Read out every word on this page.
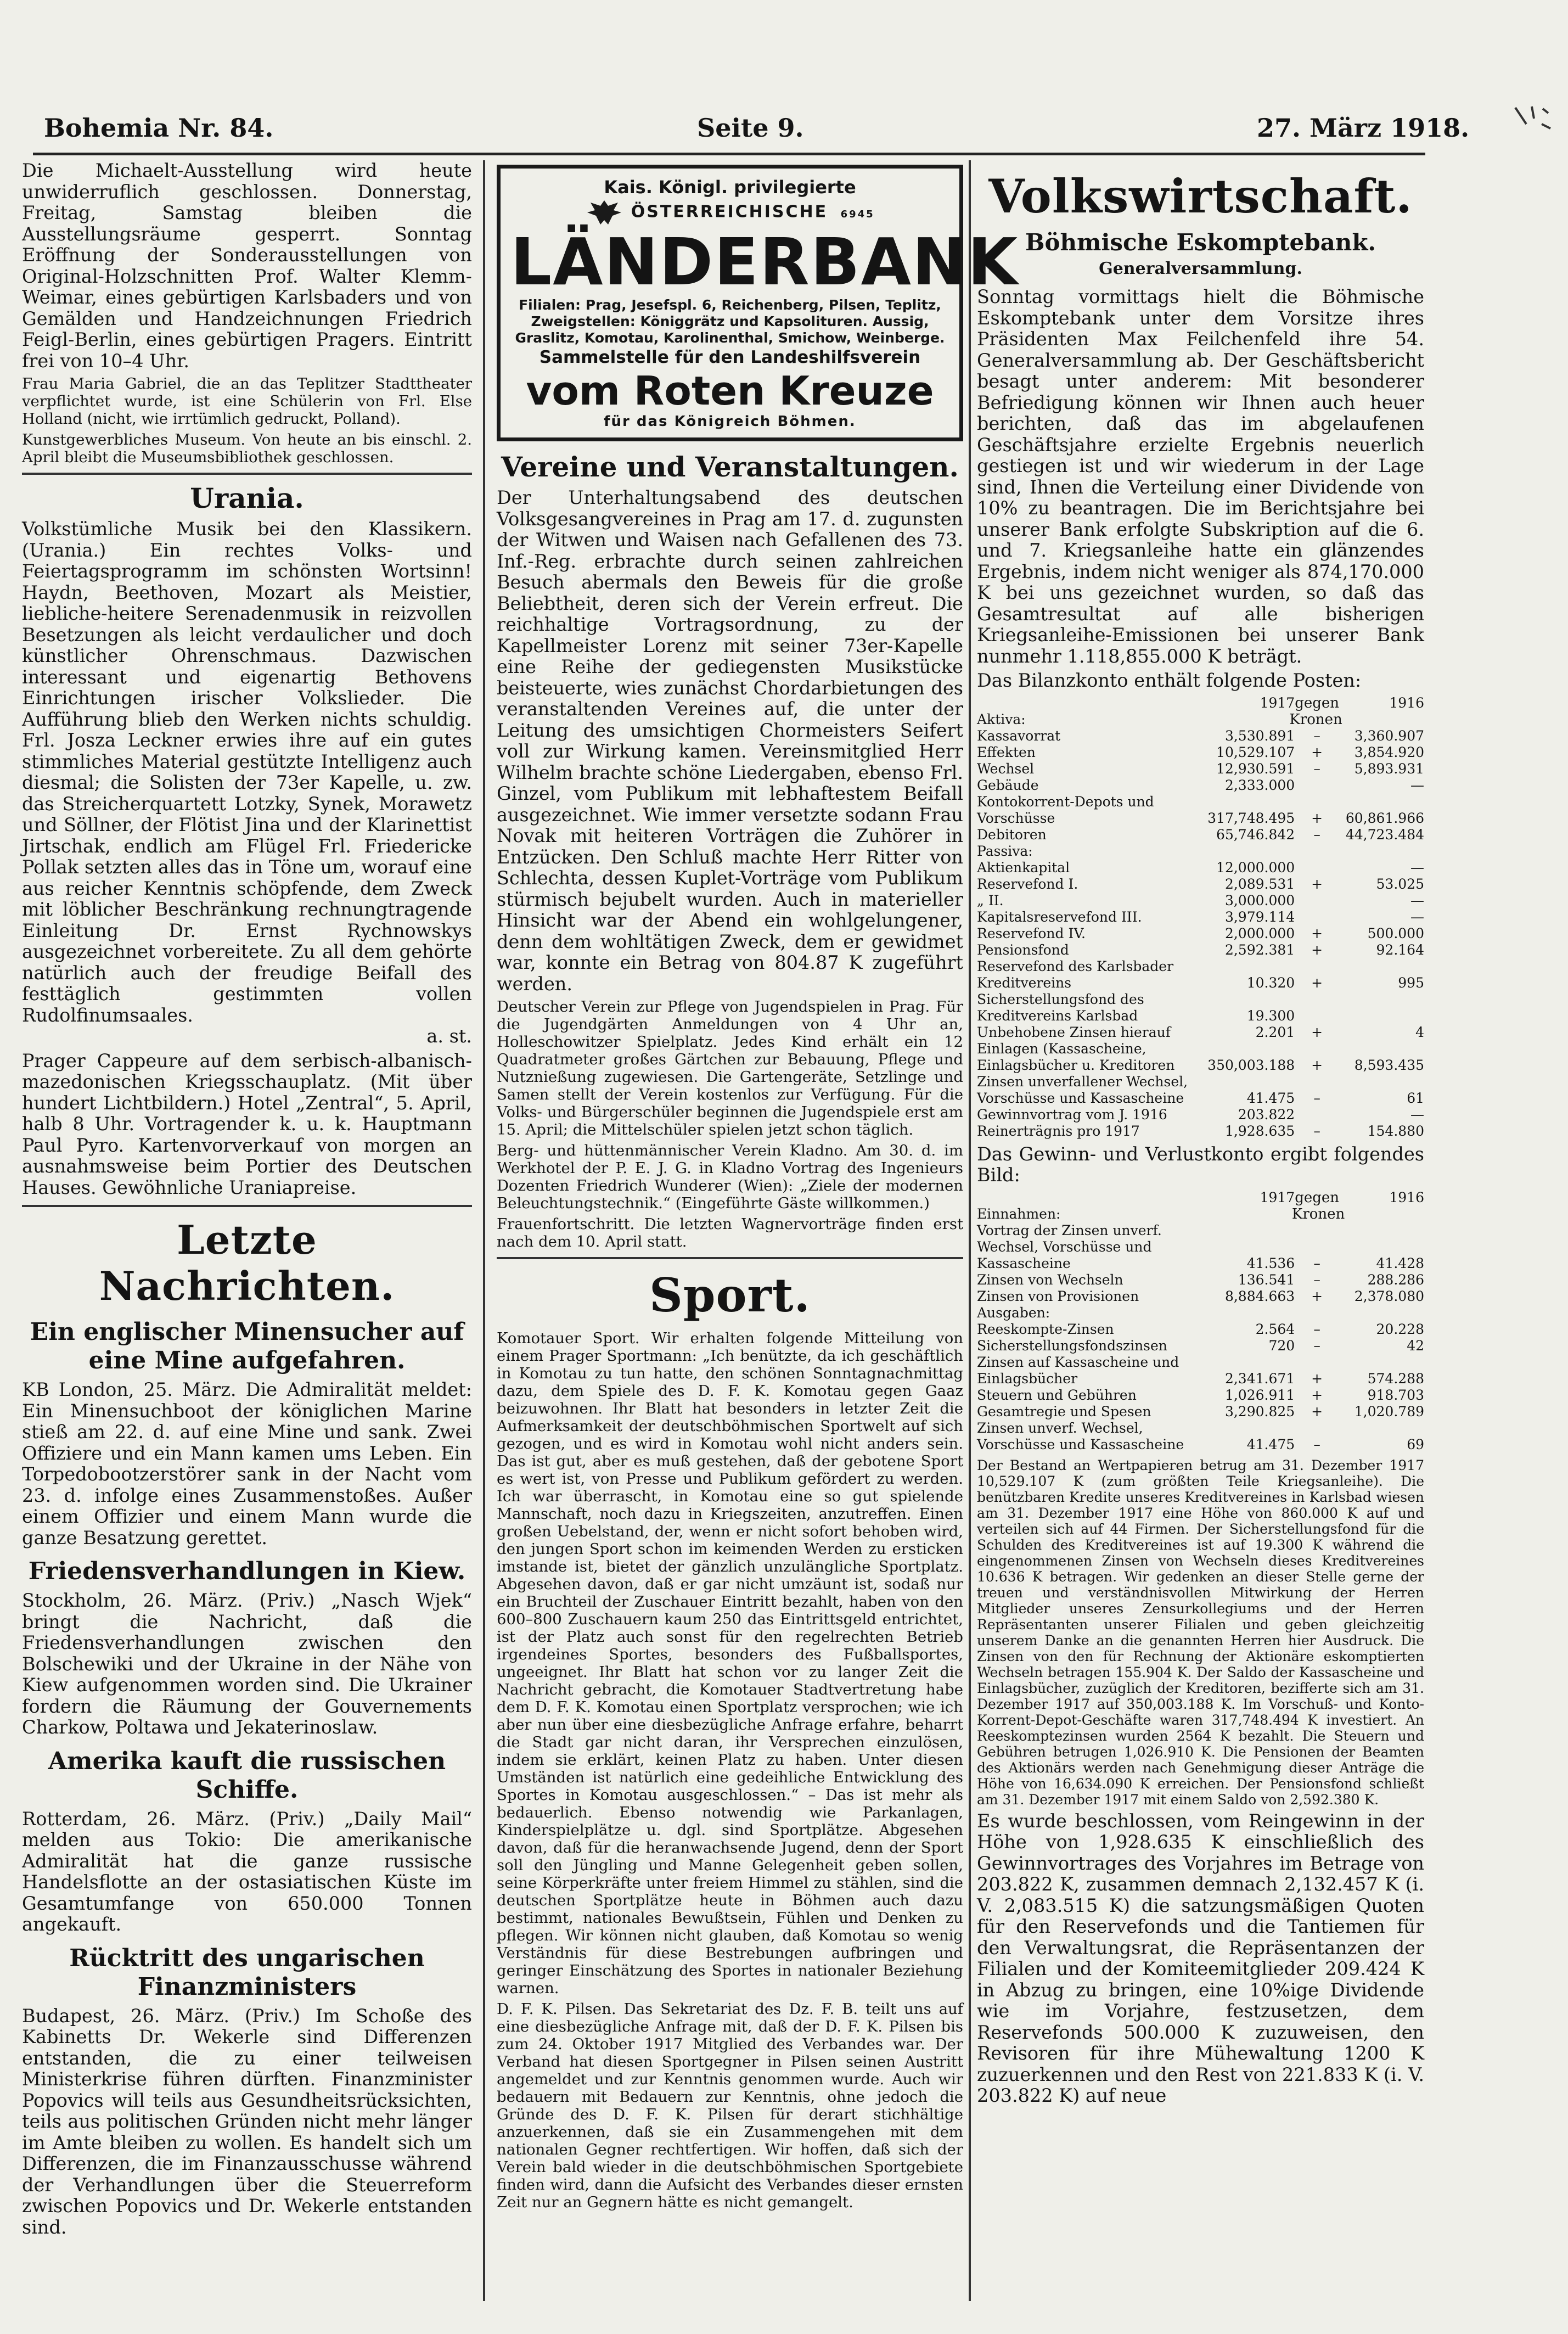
Bohemia Nr. 84.	Seite 9.	27. März 1918.

Die Michaelt-Ausstellung wird heute unwiderruflich geschlossen. Donnerstag, Freitag, Samstag bleiben die Ausstellungsräume gesperrt. Sonntag Eröffnung der Sonderausstellungen von Original-Holzschnitten Prof. Walter Klemm-Weimar, eines gebürtigen Karlsbaders und von Gemälden und Handzeichnungen Friedrich Feigl-Berlin, eines gebürtigen Pragers. Eintritt frei von 10–4 Uhr.

Frau Maria Gabriel, die an das Teplitzer Stadttheater verpflichtet wurde, ist eine Schülerin von Frl. Else Holland (nicht, wie irrtümlich gedruckt, Polland).

Kunstgewerbliches Museum. Von heute an bis einschl. 2. April bleibt die Museumsbibliothek geschlossen.

Urania.

Volkstümliche Musik bei den Klassikern. (Urania.) Ein rechtes Volks- und Feiertagsprogramm im schönsten Wortsinn! Haydn, Beethoven, Mozart als Meistier, liebliche-heitere Serenadenmusik in reizvollen Besetzungen als leicht verdaulicher und doch künstlicher Ohrenschmaus. Dazwischen interessant und eigenartig Bethovens Einrichtungen irischer Volkslieder. Die Aufführung blieb den Werken nichts schuldig. Frl. Josza Leckner erwies ihre auf ein gutes stimmliches Material gestützte Intelligenz auch diesmal; die Solisten der 73er Kapelle, u. zw. das Streicherquartett Lotzky, Synek, Morawetz und Söllner, der Flötist Jina und der Klarinettist Jirtschak, endlich am Flügel Frl. Friedericke Pollak setzten alles das in Töne um, worauf eine aus reicher Kenntnis schöpfende, dem Zweck mit löblicher Beschränkung rechnungtragende Einleitung Dr. Ernst Rychnowskys ausgezeichnet vorbereitete. Zu all dem gehörte natürlich auch der freudige Beifall des festtäglich gestimmten vollen Rudolfinumsaales.

a. st.

Prager Cappeure auf dem serbisch-albanisch-mazedonischen Kriegsschauplatz. (Mit über hundert Lichtbildern.) Hotel „Zentral“, 5. April, halb 8 Uhr. Vortragender k. u. k. Hauptmann Paul Pyro. Kartenvorverkauf von morgen an ausnahmsweise beim Portier des Deutschen Hauses. Gewöhnliche Uraniapreise.

Letzte Nachrichten.
Ein englischer Minensucher auf eine Mine aufgefahren.

KB London, 25. März. Die Admiralität meldet: Ein Minensuchboot der königlichen Marine stieß am 22. d. auf eine Mine und sank. Zwei Offiziere und ein Mann kamen ums Leben. Ein Torpedobootzerstörer sank in der Nacht vom 23. d. infolge eines Zusammenstoßes. Außer einem Offizier und einem Mann wurde die ganze Besatzung gerettet.

Friedensverhandlungen in Kiew.

Stockholm, 26. März. (Priv.) „Nasch Wjek“ bringt die Nachricht, daß die Friedensverhandlungen zwischen den Bolschewiki und der Ukraine in der Nähe von Kiew aufgenommen worden sind. Die Ukrainer fordern die Räumung der Gouvernements Charkow, Poltawa und Jekaterinoslaw.

Amerika kauft die russischen Schiffe.

Rotterdam, 26. März. (Priv.) „Daily Mail“ melden aus Tokio: Die amerikanische Admiralität hat die ganze russische Handelsflotte an der ostasiatischen Küste im Gesamtumfange von 650.000 Tonnen angekauft.

Rücktritt des ungarischen Finanzministers

Budapest, 26. März. (Priv.) Im Schoße des Kabinetts Dr. Wekerle sind Differenzen entstanden, die zu einer teilweisen Ministerkrise führen dürften. Finanzminister Popovics will teils aus Gesundheitsrücksichten, teils aus politischen Gründen nicht mehr länger im Amte bleiben zu wollen. Es handelt sich um Differenzen, die im Finanzausschusse während der Verhandlungen über die Steuerreform zwischen Popovics und Dr. Wekerle entstanden sind.

Kais. Königl. privilegierte
ÖSTERREICHISCHE 6945
LÄNDERBANK
Filialen: Prag, Jesefspl. 6, Reichenberg, Pilsen, Teplitz, Zweigstellen: Königgrätz und Kapsolituren. Aussig, Graslitz, Komotau, Karolinenthal, Smichow, Weinberge.
Sammelstelle für den Landeshilfsverein
vom Roten Kreuze
für das Königreich Böhmen.
Vereine und Veranstaltungen.

Der Unterhaltungsabend des deutschen Volksgesangvereines in Prag am 17. d. zugunsten der Witwen und Waisen nach Gefallenen des 73. Inf.-Reg. erbrachte durch seinen zahlreichen Besuch abermals den Beweis für die große Beliebtheit, deren sich der Verein erfreut. Die reichhaltige Vortragsordnung, zu der Kapellmeister Lorenz mit seiner 73er-Kapelle eine Reihe der gediegensten Musikstücke beisteuerte, wies zunächst Chordarbietungen des veranstaltenden Vereines auf, die unter der Leitung des umsichtigen Chormeisters Seifert voll zur Wirkung kamen. Vereinsmitglied Herr Wilhelm brachte schöne Liedergaben, ebenso Frl. Ginzel, vom Publikum mit lebhaftestem Beifall ausgezeichnet. Wie immer versetzte sodann Frau Novak mit heiteren Vorträgen die Zuhörer in Entzücken. Den Schluß machte Herr Ritter von Schlechta, dessen Kuplet-Vorträge vom Publikum stürmisch bejubelt wurden. Auch in materieller Hinsicht war der Abend ein wohlgelungener, denn dem wohltätigen Zweck, dem er gewidmet war, konnte ein Betrag von 804.87 K zugeführt werden.

Deutscher Verein zur Pflege von Jugendspielen in Prag. Für die Jugendgärten Anmeldungen von 4 Uhr an, Holleschowitzer Spielplatz. Jedes Kind erhält ein 12 Quadratmeter großes Gärtchen zur Bebauung, Pflege und Nutznießung zugewiesen. Die Gartengeräte, Setzlinge und Samen stellt der Verein kostenlos zur Verfügung. Für die Volks- und Bürgerschüler beginnen die Jugendspiele erst am 15. April; die Mittelschüler spielen jetzt schon täglich.

Berg- und hüttenmännischer Verein Kladno. Am 30. d. im Werkhotel der P. E. J. G. in Kladno Vortrag des Ingenieurs Dozenten Friedrich Wunderer (Wien): „Ziele der modernen Beleuchtungstechnik.“ (Eingeführte Gäste willkommen.)

Frauenfortschritt. Die letzten Wagnervorträge finden erst nach dem 10. April statt.

Sport.

Komotauer Sport. Wir erhalten folgende Mitteilung von einem Prager Sportmann: „Ich benützte, da ich geschäftlich in Komotau zu tun hatte, den schönen Sonntagnachmittag dazu, dem Spiele des D. F. K. Komotau gegen Gaaz beizuwohnen. Ihr Blatt hat besonders in letzter Zeit die Aufmerksamkeit der deutschböhmischen Sportwelt auf sich gezogen, und es wird in Komotau wohl nicht anders sein. Das ist gut, aber es muß gestehen, daß der gebotene Sport es wert ist, von Presse und Publikum gefördert zu werden. Ich war überrascht, in Komotau eine so gut spielende Mannschaft, noch dazu in Kriegszeiten, anzutreffen. Einen großen Uebelstand, der, wenn er nicht sofort behoben wird, den jungen Sport schon im keimenden Werden zu ersticken imstande ist, bietet der gänzlich unzulängliche Sportplatz. Abgesehen davon, daß er gar nicht umzäunt ist, sodaß nur ein Bruchteil der Zuschauer Eintritt bezahlt, haben von den 600–800 Zuschauern kaum 250 das Eintrittsgeld entrichtet, ist der Platz auch sonst für den regelrechten Betrieb irgendeines Sportes, besonders des Fußballsportes, ungeeignet. Ihr Blatt hat schon vor zu langer Zeit die Nachricht gebracht, die Komotauer Stadtvertretung habe dem D. F. K. Komotau einen Sportplatz versprochen; wie ich aber nun über eine diesbezügliche Anfrage erfahre, beharrt die Stadt gar nicht daran, ihr Versprechen einzulösen, indem sie erklärt, keinen Platz zu haben. Unter diesen Umständen ist natürlich eine gedeihliche Entwicklung des Sportes in Komotau ausgeschlossen.“ – Das ist mehr als bedauerlich. Ebenso notwendig wie Parkanlagen, Kinderspielplätze u. dgl. sind Sportplätze. Abgesehen davon, daß für die heranwachsende Jugend, denn der Sport soll den Jüngling und Manne Gelegenheit geben sollen, seine Körperkräfte unter freiem Himmel zu stählen, sind die deutschen Sportplätze heute in Böhmen auch dazu bestimmt, nationales Bewußtsein, Fühlen und Denken zu pflegen. Wir können nicht glauben, daß Komotau so wenig Verständnis für diese Bestrebungen aufbringen und geringer Einschätzung des Sportes in nationaler Beziehung warnen.

D. F. K. Pilsen. Das Sekretariat des Dz. F. B. teilt uns auf eine diesbezügliche Anfrage mit, daß der D. F. K. Pilsen bis zum 24. Oktober 1917 Mitglied des Verbandes war. Der Verband hat diesen Sportgegner in Pilsen seinen Austritt angemeldet und zur Kenntnis genommen wurde. Auch wir bedauern mit Bedauern zur Kenntnis, ohne jedoch die Gründe des D. F. K. Pilsen für derart stichhältige anzuerkennen, daß sie ein Zusammengehen mit dem nationalen Gegner rechtfertigen. Wir hoffen, daß sich der Verein bald wieder in die deutschböhmischen Sportgebiete finden wird, dann die Aufsicht des Verbandes dieser ernsten Zeit nur an Gegnern hätte es nicht gemangelt.

Volkswirtschaft.
Böhmische Eskomptebank.
Generalversammlung.

Sonntag vormittags hielt die Böhmische Eskomptebank unter dem Vorsitze ihres Präsidenten Max Feilchenfeld ihre 54. Generalversammlung ab. Der Geschäftsbericht besagt unter anderem: Mit besonderer Befriedigung können wir Ihnen auch heuer berichten, daß das im abgelaufenen Geschäftsjahre erzielte Ergebnis neuerlich gestiegen ist und wir wiederum in der Lage sind, Ihnen die Verteilung einer Dividende von 10% zu beantragen. Die im Berichtsjahre bei unserer Bank erfolgte Subskription auf die 6. und 7. Kriegsanleihe hatte ein glänzendes Ergebnis, indem nicht weniger als 874,170.000 K bei uns gezeichnet wurden, so daß das Gesamtresultat auf alle bisherigen Kriegsanleihe-Emissionen bei unserer Bank nunmehr 1.118,855.000 K beträgt.

Das Bilanzkonto enthält folgende Posten:

	1917	gegen	1916
Aktiva:	Kronen		
Kassavorrat	3,530.891	–	3,360.907
Effekten	10,529.107	+	3,854.920
Wechsel	12,930.591	–	5,893.931
Gebäude	2,333.000		—
Kontokorrent-Depots und Vorschüsse	317,748.495	+	60,861.966
Debitoren	65,746.842	–	44,723.484
Passiva:			
Aktienkapital	12,000.000		—
Reservefond I.	2,089.531	+	53.025
„ II.	3,000.000		—
Kapitalsreservefond III.	3,979.114		—
Reservefond IV.	2,000.000	+	500.000
Pensionsfond	2,592.381	+	92.164
Reservefond des Karlsbader Kreditvereins	10.320	+	995
Sicherstellungsfond des Kreditvereins Karlsbad	19.300		
Unbehobene Zinsen hierauf	2.201	+	4
Einlagen (Kassascheine, Einlagsbücher u. Kreditoren	350,003.188	+	8,593.435
Zinsen unverfallener Wechsel, Vorschüsse und Kassascheine	41.475	–	61
Gewinnvortrag vom J. 1916	203.822		—
Reinerträgnis pro 1917	1,928.635	–	154.880

Das Gewinn- und Verlustkonto ergibt folgendes Bild:

	1917	gegen	1916
Einnahmen:	Kronen		
Vortrag der Zinsen unverf. Wechsel, Vorschüsse und Kassascheine	41.536	–	41.428
Zinsen von Wechseln	136.541	–	288.286
Zinsen von Provisionen	8,884.663	+	2,378.080
Ausgaben:			
Reeskompte-Zinsen	2.564	–	20.228
Sicherstellungsfondszinsen	720	–	42
Zinsen auf Kassascheine und Einlagsbücher	2,341.671	+	574.288
Steuern und Gebühren	1,026.911	+	918.703
Gesamtregie und Spesen	3,290.825	+	1,020.789
Zinsen unverf. Wechsel, Vorschüsse und Kassascheine	41.475	–	69

Der Bestand an Wertpapieren betrug am 31. Dezember 1917 10,529.107 K (zum größten Teile Kriegsanleihe). Die benützbaren Kredite unseres Kreditvereines in Karlsbad wiesen am 31. Dezember 1917 eine Höhe von 860.000 K auf und verteilen sich auf 44 Firmen. Der Sicherstellungsfond für die Schulden des Kreditvereines ist auf 19.300 K während die eingenommenen Zinsen von Wechseln dieses Kreditvereines 10.636 K betragen. Wir gedenken an dieser Stelle gerne der treuen und verständnisvollen Mitwirkung der Herren Mitglieder unseres Zensurkollegiums und der Herren Repräsentanten unserer Filialen und geben gleichzeitig unserem Danke an die genannten Herren hier Ausdruck. Die Zinsen von den für Rechnung der Aktionäre eskomptierten Wechseln betragen 155.904 K. Der Saldo der Kassascheine und Einlagsbücher, zuzüglich der Kreditoren, bezifferte sich am 31. Dezember 1917 auf 350,003.188 K. Im Vorschuß- und Konto-Korrent-Depot-Geschäfte waren 317,748.494 K investiert. An Reeskomptezinsen wurden 2564 K bezahlt. Die Steuern und Gebühren betrugen 1,026.910 K. Die Pensionen der Beamten des Aktionärs werden nach Genehmigung dieser Anträge die Höhe von 16,634.090 K erreichen. Der Pensionsfond schließt am 31. Dezember 1917 mit einem Saldo von 2,592.380 K.

Es wurde beschlossen, vom Reingewinn in der Höhe von 1,928.635 K einschließlich des Gewinnvortrages des Vorjahres im Betrage von 203.822 K, zusammen demnach 2,132.457 K (i. V. 2,083.515 K) die satzungsmäßigen Quoten für den Reservefonds und die Tantiemen für den Verwaltungsrat, die Repräsentanzen der Filialen und der Komiteemitglieder 209.424 K in Abzug zu bringen, eine 10%ige Dividende wie im Vorjahre, festzusetzen, dem Reservefonds 500.000 K zuzuweisen, den Revisoren für ihre Mühewaltung 1200 K zuzuerkennen und den Rest von 221.833 K (i. V. 203.822 K) auf neue
